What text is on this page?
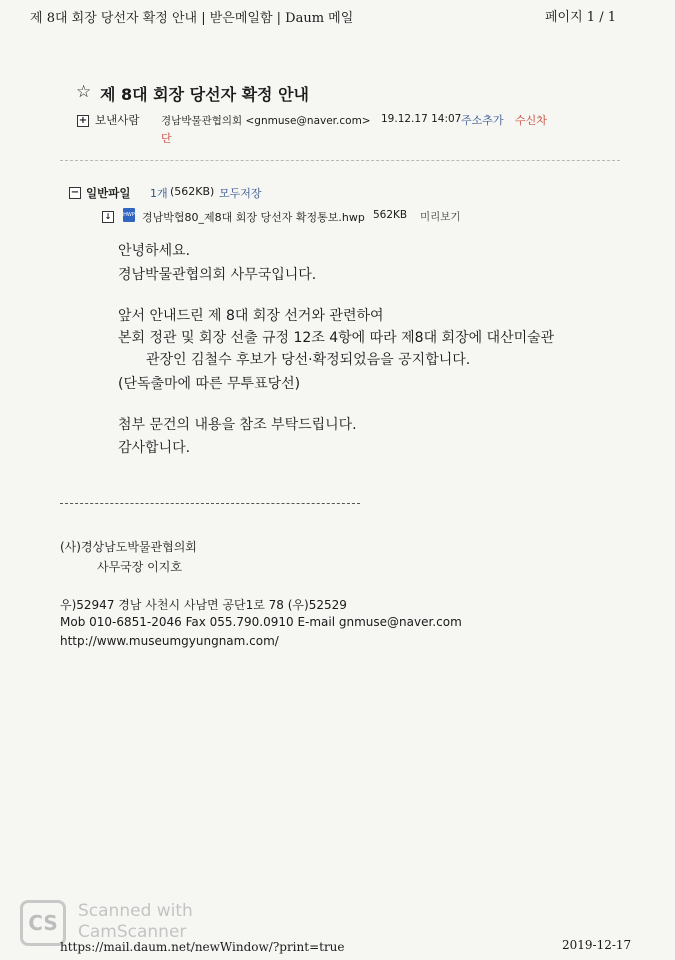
제 8대 회장 당선자 확정 안내 | 받은메일함 | Daum 메일	페이지 1 / 1
☆ 제 8대 회장 당선자 확정 안내
+ 보낸사람 경남박물관협의회 <gnmuse@naver.com> 19.12.17 14:07 주소추가 수신차
단
− 일반파일 1개 (562KB) 모두저장
↓	HWP 경남박협80_제8대 회장 당선자 확정통보.hwp 562KB 미리보기
안녕하세요.
경남박물관협의회 사무국입니다.
앞서 안내드린 제 8대 회장 선거와 관련하여
본회 정관 및 회장 선출 규정 12조 4항에 따라 제8대 회장에 대산미술관
관장인 김철수 후보가 당선·확정되었음을 공지합니다.
(단독출마에 따른 무투표당선)
첨부 문건의 내용을 참조 부탁드립니다.
감사합니다.
(사)경상남도박물관협의회
사무국장 이지호
우)52947 경남 사천시 사남면 공단1로 78 (우)52529
Mob 010-6851-2046 Fax 055.790.0910 E-mail gnmuse@naver.com
http://www.museumgyungnam.com/
CS	Scanned with
CamScanner
https://mail.daum.net/newWindow/?print=true	2019-12-17
